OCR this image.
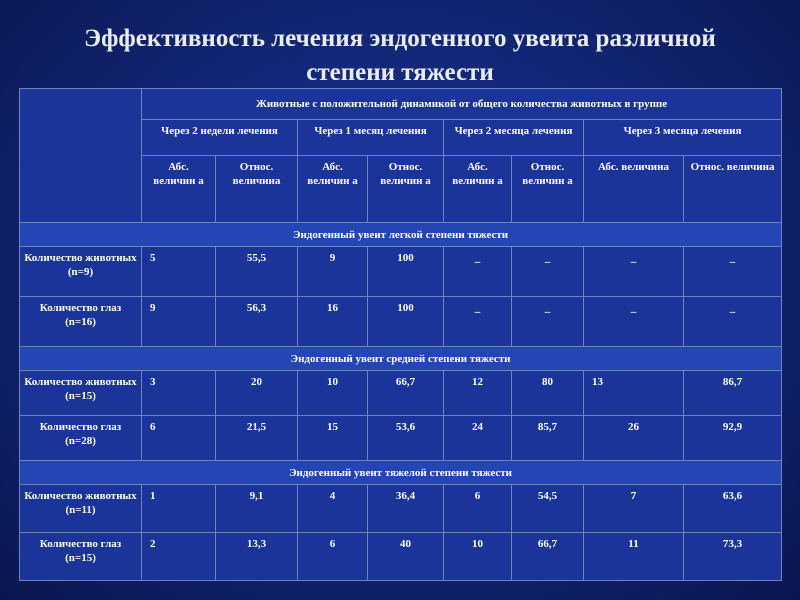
Эффективность лечения эндогенного увеита различной
степени тяжести
	Животные с положительной динамикой от общего количества животных в группе							
	Через 2 недели лечения		Через 1 месяц лечения		Через 2 месяца лечения		Через 3 месяца лечения	
	Абс. величин а	Относ. величина	Абс. величин а	Относ. величин а	Абс. величин а	Относ. величин а	Абс. величина	Относ. величина
Эндогенный увеит легкой степени тяжести								
Количество животных (n=9)	5	55,5	9	100	_	_	_	_
Количество глаз (n=16)	9	56,3	16	100	_	_	_	_
Эндогенный увеит средней степени тяжести								
Количество животных (n=15)	3	20	10	66,7	12	80	13	86,7
Количество глаз (n=28)	6	21,5	15	53,6	24	85,7	26	92,9
Эндогенный увеит тяжелой степени тяжести								
Количество животных (n=11)	1	9,1	4	36,4	6	54,5	7	63,6
Количество глаз (n=15)	2	13,3	6	40	10	66,7	11	73,3
